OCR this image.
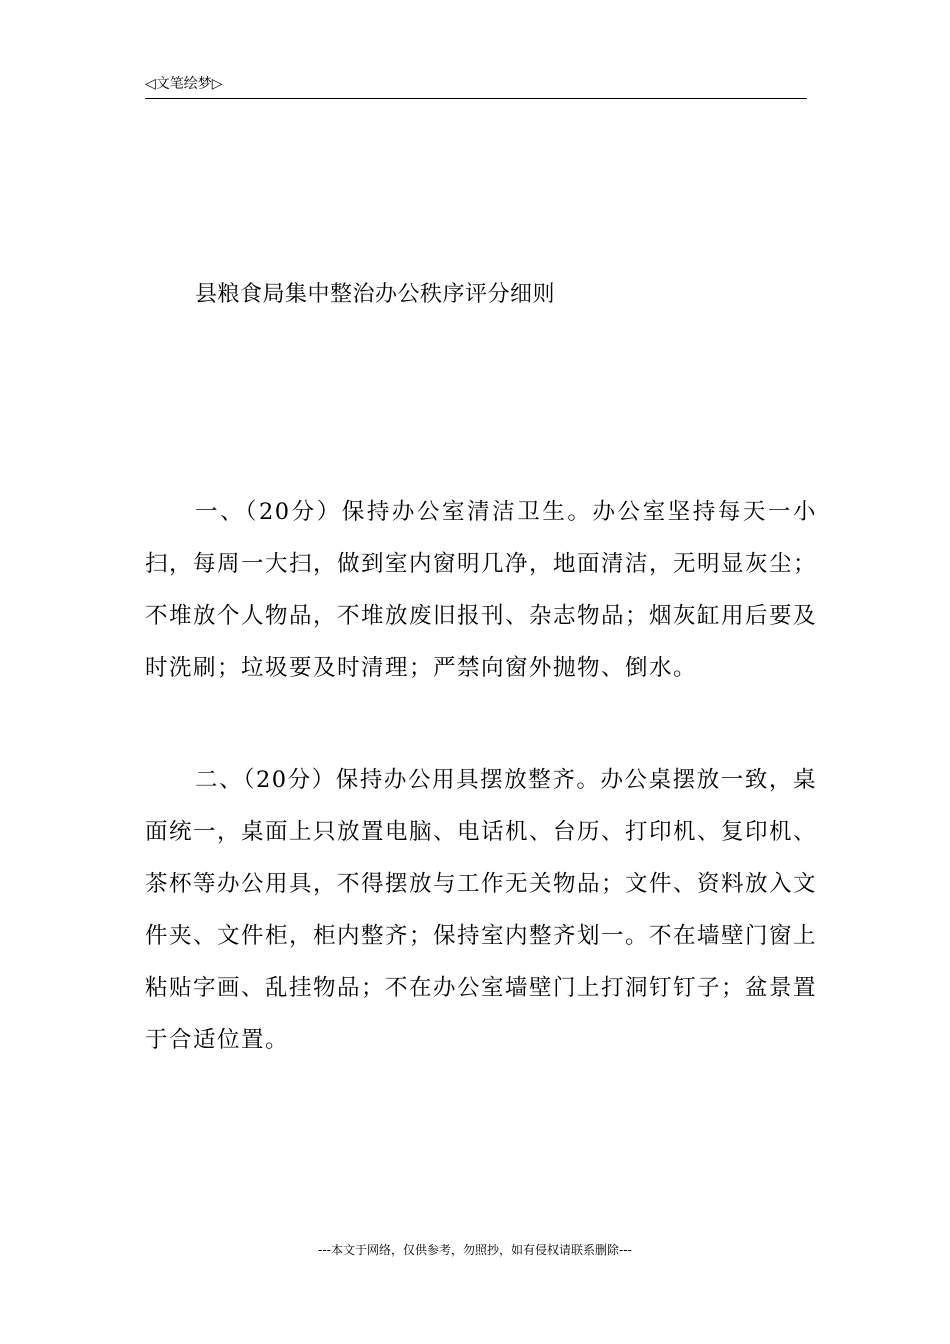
◁文笔绘梦▷
县粮食局集中整治办公秩序评分细则

一、（20分）保持办公室清洁卫生。办公室坚持每天一小扫，每周一大扫，做到室内窗明几净，地面清洁，无明显灰尘；不堆放个人物品，不堆放废旧报刊、杂志物品；烟灰缸用后要及时洗刷；垃圾要及时清理；严禁向窗外抛物、倒水。

二、（20分）保持办公用具摆放整齐。办公桌摆放一致，桌面统一，桌面上只放置电脑、电话机、台历、打印机、复印机、茶杯等办公用具，不得摆放与工作无关物品；文件、资料放入文件夹、文件柜，柜内整齐；保持室内整齐划一。不在墙壁门窗上粘贴字画、乱挂物品；不在办公室墙壁门上打洞钉钉子；盆景置于合适位置。

---本文于网络，仅供参考，勿照抄，如有侵权请联系删除---
